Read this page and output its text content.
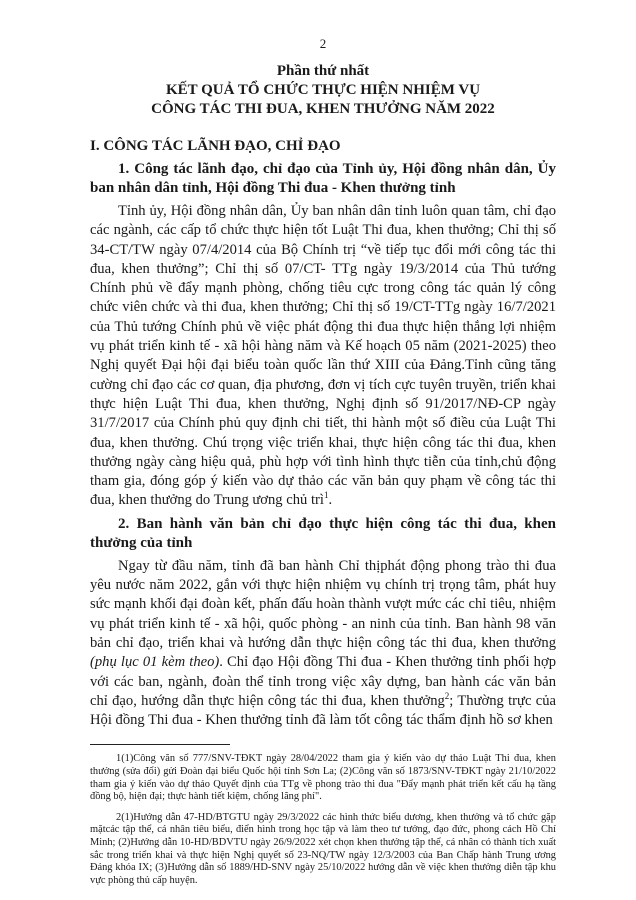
2
Phần thứ nhất
KẾT QUẢ TỔ CHỨC THỰC HIỆN NHIỆM VỤ
CÔNG TÁC THI ĐUA, KHEN THƯỞNG NĂM 2022
I. CÔNG TÁC LÃNH ĐẠO, CHỈ ĐẠO
1. Công tác lãnh đạo, chỉ đạo của Tỉnh ủy, Hội đồng nhân dân, Ủy ban nhân dân tỉnh, Hội đồng Thi đua - Khen thưởng tỉnh
Tỉnh ủy, Hội đồng nhân dân, Ủy ban nhân dân tỉnh luôn quan tâm, chỉ đạo các ngành, các cấp tổ chức thực hiện tốt Luật Thi đua, khen thưởng; Chỉ thị số 34-CT/TW ngày 07/4/2014 của Bộ Chính trị “về tiếp tục đổi mới công tác thi đua, khen thưởng”; Chỉ thị số 07/CT- TTg ngày 19/3/2014 của Thủ tướng Chính phủ về đẩy mạnh phòng, chống tiêu cực trong công tác quản lý công chức viên chức và thi đua, khen thưởng; Chỉ thị số 19/CT-TTg ngày 16/7/2021 của Thủ tướng Chính phủ về việc phát động thi đua thực hiện thắng lợi nhiệm vụ phát triển kinh tế - xã hội hàng năm và Kế hoạch 05 năm (2021-2025) theo Nghị quyết Đại hội đại biểu toàn quốc lần thứ XIII của Đảng.Tỉnh cũng tăng cường chỉ đạo các cơ quan, địa phương, đơn vị tích cực tuyên truyền, triển khai thực hiện Luật Thi đua, khen thưởng, Nghị định số 91/2017/NĐ-CP ngày 31/7/2017 của Chính phủ quy định chi tiết, thi hành một số điều của Luật Thi đua, khen thưởng. Chú trọng việc triển khai, thực hiện công tác thi đua, khen thưởng ngày càng hiệu quả, phù hợp với tình hình thực tiễn của tỉnh,chủ động tham gia, đóng góp ý kiến vào dự thảo các văn bản quy phạm về công tác thi đua, khen thưởng do Trung ương chủ trì$^1$.
2. Ban hành văn bản chỉ đạo thực hiện công tác thi đua, khen thưởng của tỉnh
Ngay từ đầu năm, tỉnh đã ban hành Chỉ thịphát động phong trào thi đua yêu nước năm 2022, gắn với thực hiện nhiệm vụ chính trị trọng tâm, phát huy sức mạnh khối đại đoàn kết, phấn đấu hoàn thành vượt mức các chỉ tiêu, nhiệm vụ phát triển kinh tế - xã hội, quốc phòng - an ninh của tỉnh. Ban hành 98 văn bản chỉ đạo, triển khai và hướng dẫn thực hiện công tác thi đua, khen thưởng (phụ lục 01 kèm theo). Chỉ đạo Hội đồng Thi đua - Khen thưởng tỉnh phối hợp với các ban, ngành, đoàn thể tỉnh trong việc xây dựng, ban hành các văn bản chỉ đạo, hướng dẫn thực hiện công tác thi đua, khen thưởng$^2$; Thường trực của Hội đồng Thi đua - Khen thưởng tỉnh đã làm tốt công tác thẩm định hồ sơ khen
1(1)Công văn số 777/SNV-TĐKT ngày 28/04/2022 tham gia ý kiến vào dự thảo Luật Thi đua, khen thưởng (sửa đổi) gửi Đoàn đại biểu Quốc hội tỉnh Sơn La; (2)Công văn số 1873/SNV-TĐKT ngày 21/10/2022 tham gia ý kiến vào dự thảo Quyết định của TTg về phong trào thi đua "Đẩy mạnh phát triển kết cấu hạ tầng đồng bộ, hiện đại; thực hành tiết kiệm, chống lãng phí".
2(1)Hướng dẫn 47-HD/BTGTU ngày 29/3/2022 các hình thức biểu dương, khen thưởng và tổ chức gặp mặtcác tập thể, cá nhân tiêu biểu, điển hình trong học tập và làm theo tư tưởng, đạo đức, phong cách Hồ Chí Minh; (2)Hướng dẫn 10-HD/BDVTU ngày 26/9/2022 xét chọn khen thưởng tập thể, cá nhân có thành tích xuất sắc trong triển khai và thực hiện Nghị quyết số 23-NQ/TW ngày 12/3/2003 của Ban Chấp hành Trung ương Đảng khóa IX; (3)Hướng dẫn số 1889/HD-SNV ngày 25/10/2022 hướng dẫn về việc khen thưởng diễn tập khu vực phòng thủ cấp huyện.
